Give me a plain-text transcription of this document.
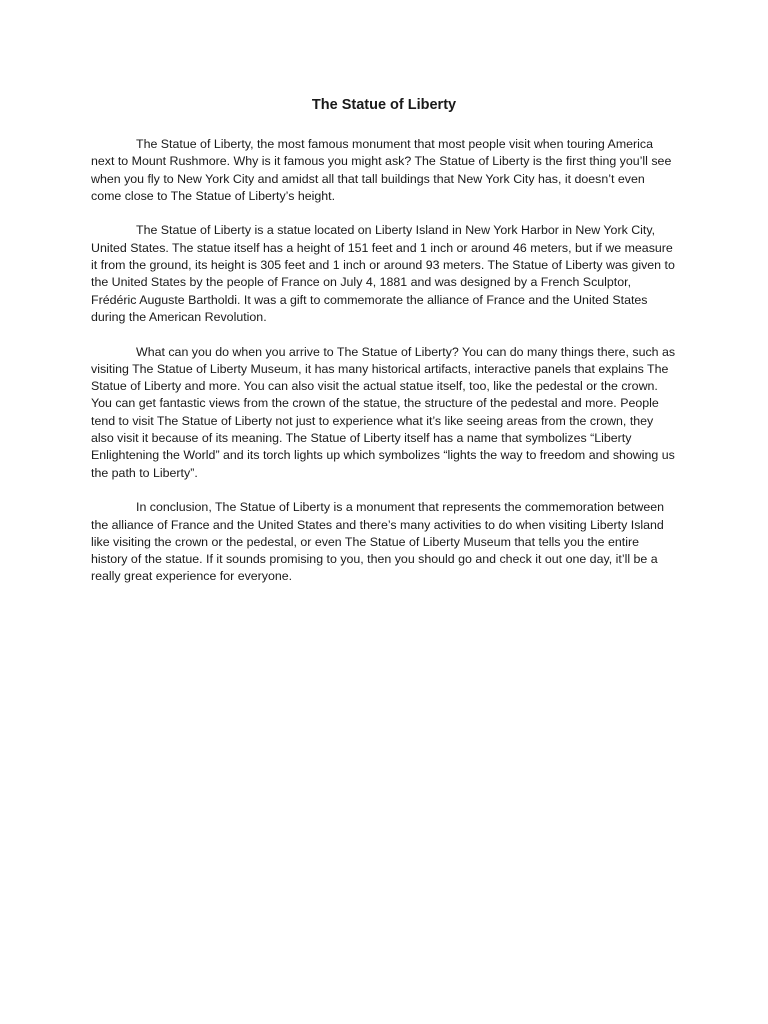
The Statue of Liberty

The Statue of Liberty, the most famous monument that most people visit when touring America next to Mount Rushmore. Why is it famous you might ask? The Statue of Liberty is the first thing you’ll see when you fly to New York City and amidst all that tall buildings that New York City has, it doesn’t even come close to The Statue of Liberty’s height.

The Statue of Liberty is a statue located on Liberty Island in New York Harbor in New York City, United States. The statue itself has a height of 151 feet and 1 inch or around 46 meters, but if we measure it from the ground, its height is 305 feet and 1 inch or around 93 meters. The Statue of Liberty was given to the United States by the people of France on July 4, 1881 and was designed by a French Sculptor, Frédéric Auguste Bartholdi. It was a gift to commemorate the alliance of France and the United States during the American Revolution.

What can you do when you arrive to The Statue of Liberty? You can do many things there, such as visiting The Statue of Liberty Museum, it has many historical artifacts, interactive panels that explains The Statue of Liberty and more. You can also visit the actual statue itself, too, like the pedestal or the crown. You can get fantastic views from the crown of the statue, the structure of the pedestal and more. People tend to visit The Statue of Liberty not just to experience what it’s like seeing areas from the crown, they also visit it because of its meaning. The Statue of Liberty itself has a name that symbolizes “Liberty Enlightening the World” and its torch lights up which symbolizes “lights the way to freedom and showing us the path to Liberty”.

In conclusion, The Statue of Liberty is a monument that represents the commemoration between the alliance of France and the United States and there’s many activities to do when visiting Liberty Island like visiting the crown or the pedestal, or even The Statue of Liberty Museum that tells you the entire history of the statue. If it sounds promising to you, then you should go and check it out one day, it’ll be a really great experience for everyone.
